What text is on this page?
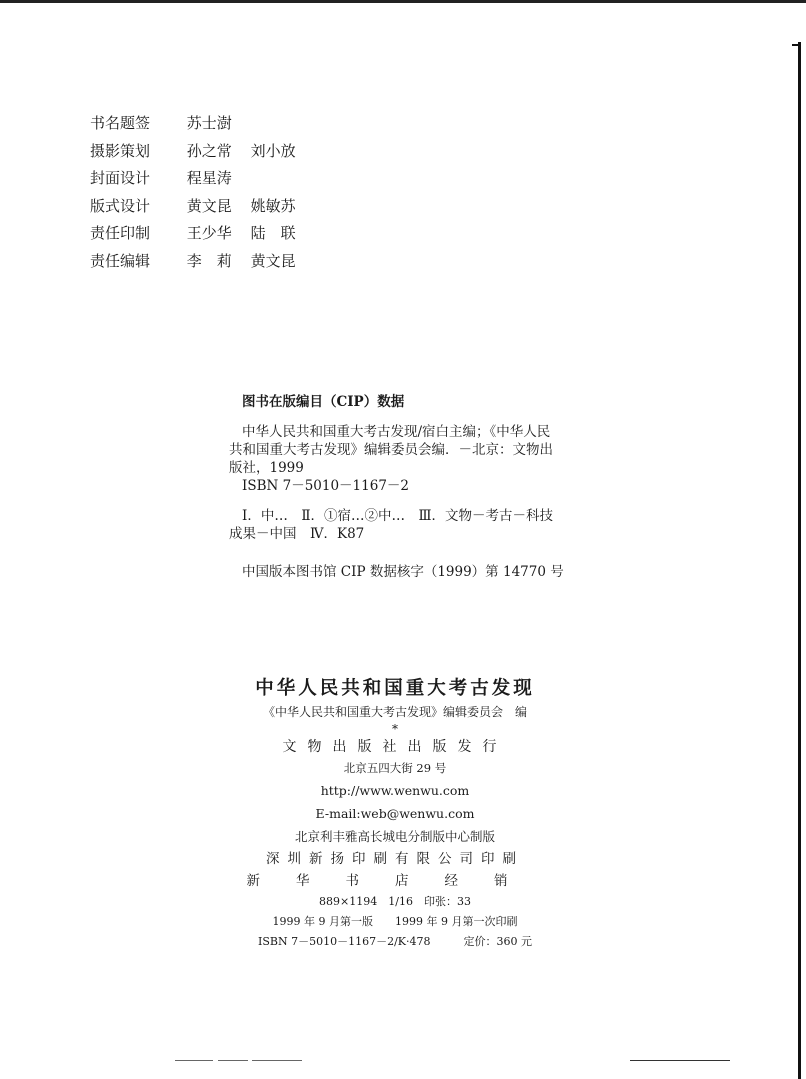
书名题签 苏士澍
摄影策划 孙之常 刘小放
封面设计 程星涛
版式设计 黄文昆 姚敏苏
责任印制 王少华 陆　联
责任编辑 李　莉 黄文昆
图书在版编目（CIP）数据
中华人民共和国重大考古发现/宿白主编；《中华人民
共和国重大考古发现》编辑委员会编．－北京：文物出
版社，1999
ISBN 7－5010－1167－2
Ⅰ．中…　Ⅱ．①宿…②中…　Ⅲ．文物－考古－科技
成果－中国　Ⅳ．K87
中国版本图书馆 CIP 数据核字（1999）第 14770 号
中华人民共和国重大考古发现
《中华人民共和国重大考古发现》编辑委员会　编
*
文物出版社出版发行
北京五四大街 29 号
http://www.wenwu.com
E-mail:web@wenwu.com
北京利丰雅高长城电分制版中心制版
深圳新扬印刷有限公司印刷
新华书店经销
889×1194　1/16　印张：33
1999 年 9 月第一版　　1999 年 9 月第一次印刷
ISBN 7－5010－1167－2/K·478　　　定价：360 元
